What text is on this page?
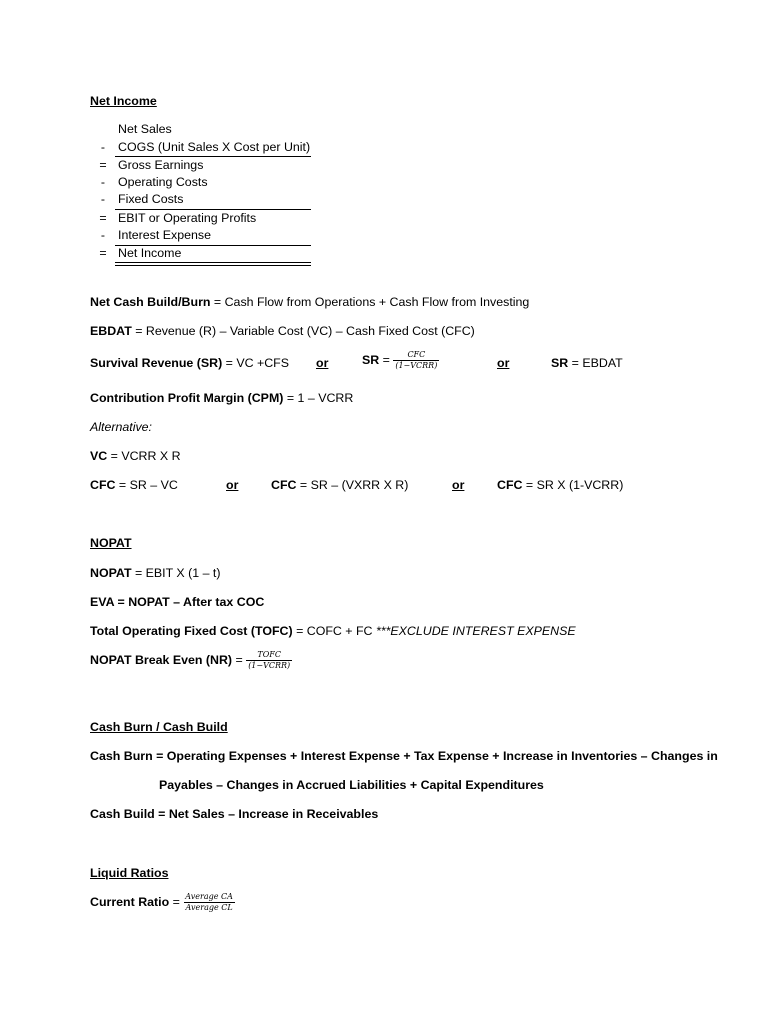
Net Income
Net Sales
- COGS (Unit Sales X Cost per Unit)
= Gross Earnings
- Operating Costs
- Fixed Costs
= EBIT or Operating Profits
- Interest Expense
= Net Income
Net Cash Build/Burn = Cash Flow from Operations + Cash Flow from Investing
EBDAT = Revenue (R) – Variable Cost (VC) – Cash Fixed Cost (CFC)
Survival Revenue (SR) = VC +CFS or	SR = $\frac{\text{CFC}}{\text{(1−VCRR)}}$	or	SR = EBDAT
Contribution Profit Margin (CPM) = 1 – VCRR
Alternative:
VC = VCRR X R
CFC = SR – VC	or	CFC = SR – (VXRR X R)	or	CFC = SR X (1-VCRR)
NOPAT
NOPAT = EBIT X (1 – t)
EVA = NOPAT – After tax COC
Total Operating Fixed Cost (TOFC) = COFC + FC ***EXCLUDE INTEREST EXPENSE
NOPAT Break Even $(NR) = \frac{\text{TOFC}}{\text{(1−VCRR)}}$
Cash Burn / Cash Build
Cash Burn = Operating Expenses + Interest Expense + Tax Expense + Increase in Inventories – Changes in
Payables – Changes in Accrued Liabilities + Capital Expenditures
Cash Build = Net Sales – Increase in Receivables
Liquid Ratios
Current Ratio = $\frac{\text{Average CA}}{\text{Average CL}}$
